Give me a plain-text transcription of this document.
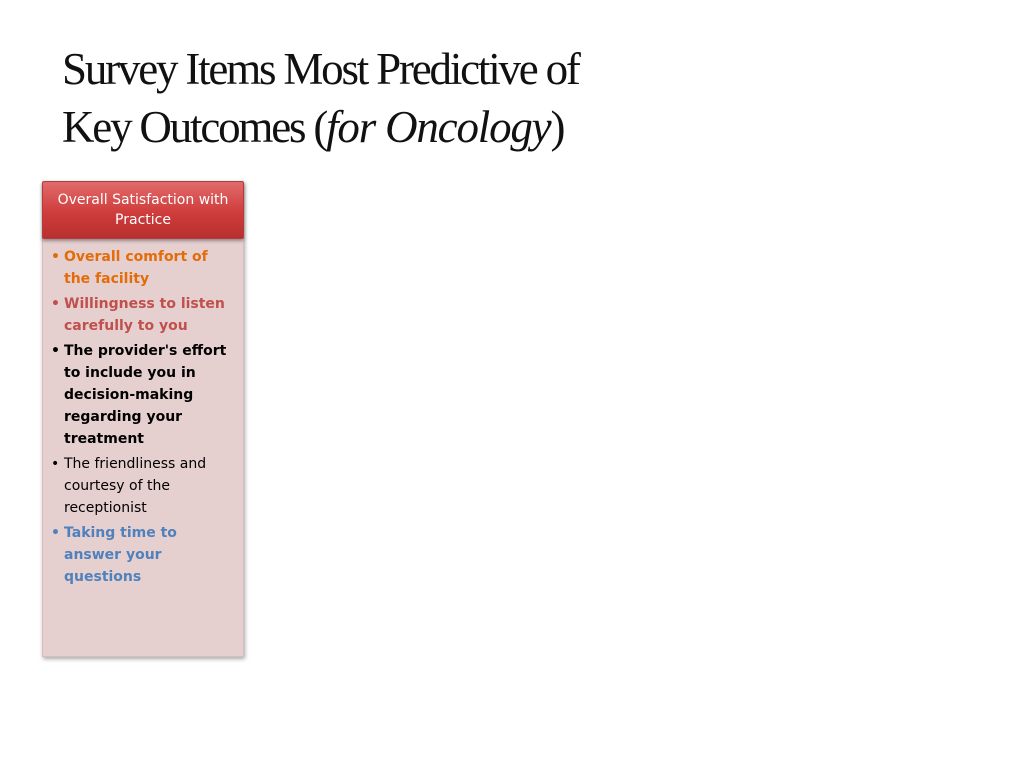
Survey Items Most Predictive of
Key Outcomes (for Oncology)
Overall Satisfaction with Practice
• Overall comfort of the facility
• Willingness to listen carefully to you
• The provider's effort to include you in decision-making regarding your treatment
• The friendliness and courtesy of the receptionist
• Taking time to answer your questions
